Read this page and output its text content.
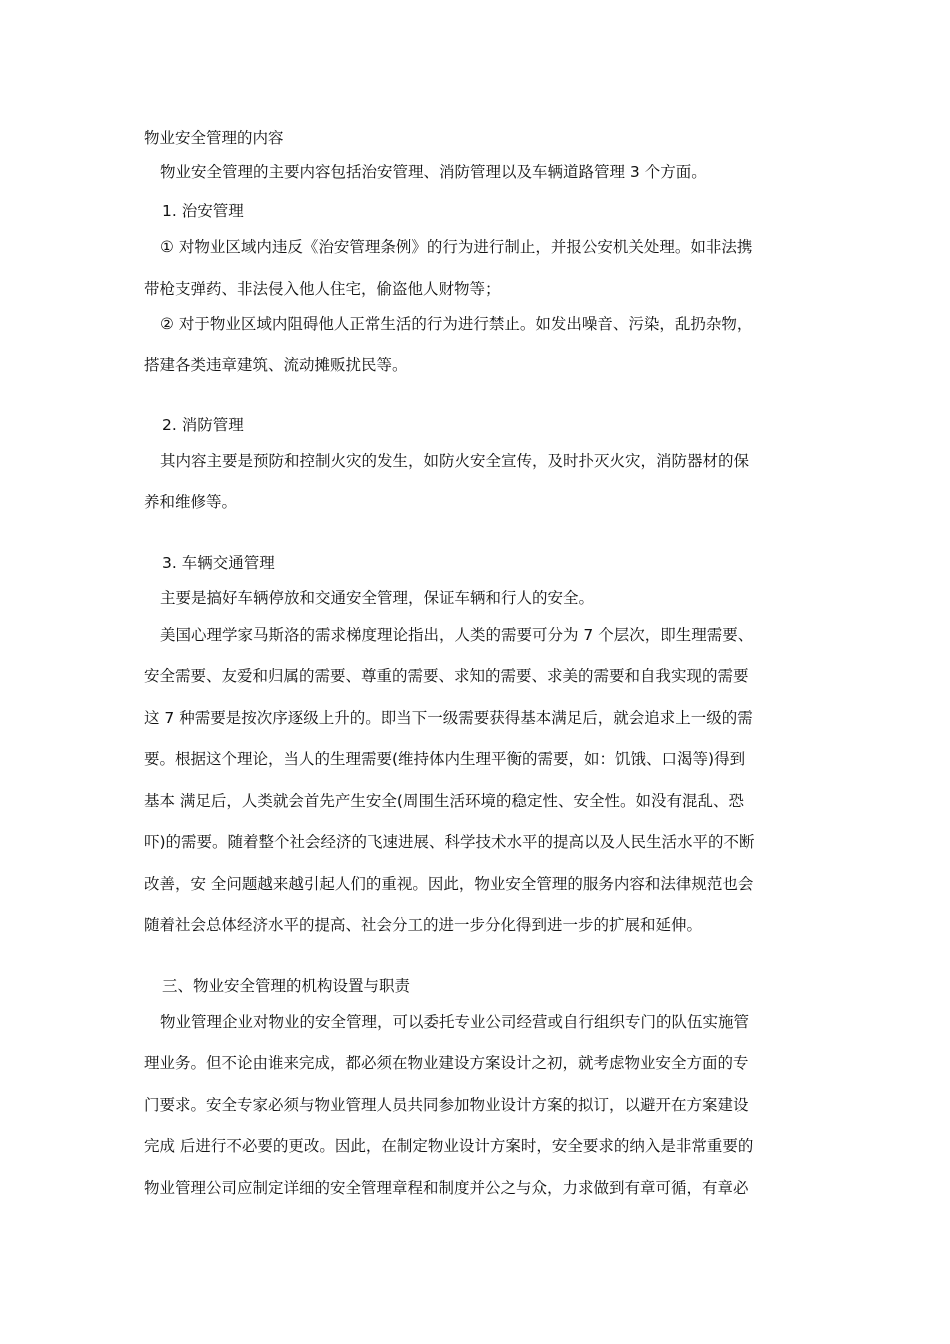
物业安全管理的内容
物业安全管理的主要内容包括治安管理、消防管理以及车辆道路管理 3 个方面。
1. 治安管理
① 对物业区域内违反《治安管理条例》的行为进行制止，并报公安机关处理。如非法携
带枪支弹药、非法侵入他人住宅，偷盗他人财物等；
② 对于物业区域内阻碍他人正常生活的行为进行禁止。如发出噪音、污染，乱扔杂物，
搭建各类违章建筑、流动摊贩扰民等。
2. 消防管理
其内容主要是预防和控制火灾的发生，如防火安全宣传，及时扑灭火灾，消防器材的保
养和维修等。
3. 车辆交通管理
主要是搞好车辆停放和交通安全管理，保证车辆和行人的安全。
美国心理学家马斯洛的需求梯度理论指出，人类的需要可分为 7 个层次，即生理需要、
安全需要、友爱和归属的需要、尊重的需要、求知的需要、求美的需要和自我实现的需要
这 7 种需要是按次序逐级上升的。即当下一级需要获得基本满足后，就会追求上一级的需
要。根据这个理论，当人的生理需要(维持体内生理平衡的需要，如：饥饿、口渴等)得到
基本 满足后，人类就会首先产生安全(周围生活环境的稳定性、安全性。如没有混乱、恐
吓)的需要。随着整个社会经济的飞速进展、科学技术水平的提高以及人民生活水平的不断
改善，安 全问题越来越引起人们的重视。因此，物业安全管理的服务内容和法律规范也会
随着社会总体经济水平的提高、社会分工的进一步分化得到进一步的扩展和延伸。
三、物业安全管理的机构设置与职责
物业管理企业对物业的安全管理，可以委托专业公司经营或自行组织专门的队伍实施管
理业务。但不论由谁来完成，都必须在物业建设方案设计之初，就考虑物业安全方面的专
门要求。安全专家必须与物业管理人员共同参加物业设计方案的拟订，以避开在方案建设
完成 后进行不必要的更改。因此，在制定物业设计方案时，安全要求的纳入是非常重要的
物业管理公司应制定详细的安全管理章程和制度并公之与众，力求做到有章可循，有章必
